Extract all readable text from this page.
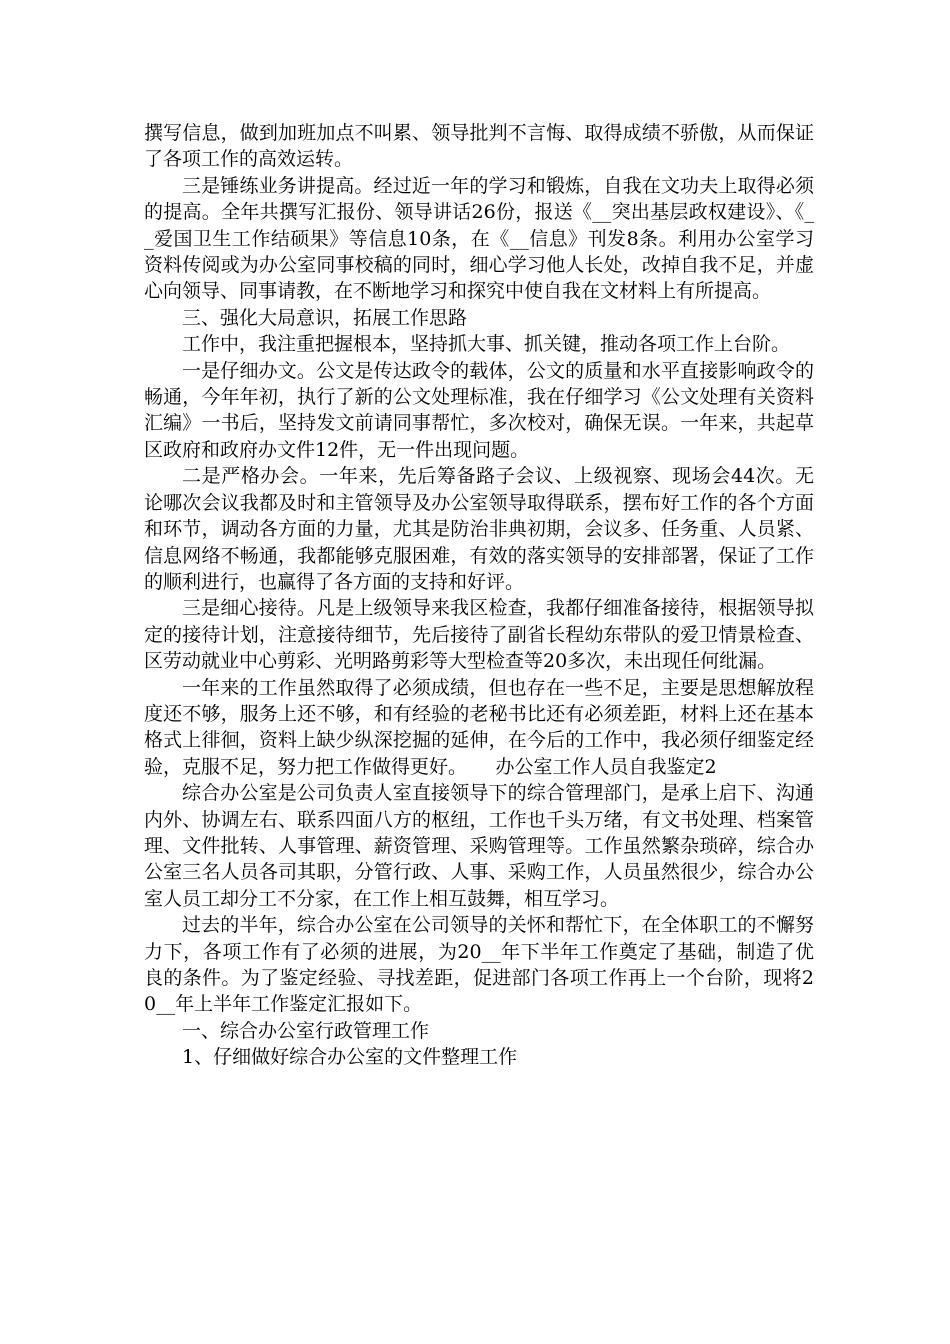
撰写信息，做到加班加点不叫累、领导批判不言悔、取得成绩不骄傲，从而保证了各项工作的高效运转。

三是锤练业务讲提高。经过近一年的学习和锻炼，自我在文功夫上取得必须的提高。全年共撰写汇报份、领导讲话26份，报送《__突出基层政权建设》、《__爱国卫生工作结硕果》等信息10条，在《__信息》刊发8条。利用办公室学习资料传阅或为办公室同事校稿的同时，细心学习他人长处，改掉自我不足，并虚心向领导、同事请教，在不断地学习和探究中使自我在文材料上有所提高。

三、强化大局意识，拓展工作思路

工作中，我注重把握根本，坚持抓大事、抓关键，推动各项工作上台阶。

一是仔细办文。公文是传达政令的载体，公文的质量和水平直接影响政令的畅通，今年年初，执行了新的公文处理标准，我在仔细学习《公文处理有关资料汇编》一书后，坚持发文前请同事帮忙，多次校对，确保无误。一年来，共起草区政府和政府办文件12件，无一件出现问题。

二是严格办会。一年来，先后筹备路子会议、上级视察、现场会44次。无论哪次会议我都及时和主管领导及办公室领导取得联系，摆布好工作的各个方面和环节，调动各方面的力量，尤其是防治非典初期，会议多、任务重、人员紧、信息网络不畅通，我都能够克服困难，有效的落实领导的安排部署，保证了工作的顺利进行，也赢得了各方面的支持和好评。

三是细心接待。凡是上级领导来我区检查，我都仔细准备接待，根据领导拟定的接待计划，注意接待细节，先后接待了副省长程幼东带队的爱卫情景检查、区劳动就业中心剪彩、光明路剪彩等大型检查等20多次，未出现任何纰漏。

一年来的工作虽然取得了必须成绩，但也存在一些不足，主要是思想解放程度还不够，服务上还不够，和有经验的老秘书比还有必须差距，材料上还在基本格式上徘徊，资料上缺少纵深挖掘的延伸，在今后的工作中，我必须仔细鉴定经验，克服不足，努力把工作做得更好。　　办公室工作人员自我鉴定2

综合办公室是公司负责人室直接领导下的综合管理部门，是承上启下、沟通内外、协调左右、联系四面八方的枢纽，工作也千头万绪，有文书处理、档案管理、文件批转、人事管理、薪资管理、采购管理等。工作虽然繁杂琐碎，综合办公室三名人员各司其职，分管行政、人事、采购工作，人员虽然很少，综合办公室人员工却分工不分家，在工作上相互鼓舞，相互学习。

过去的半年，综合办公室在公司领导的关怀和帮忙下，在全体职工的不懈努力下，各项工作有了必须的进展，为20__年下半年工作奠定了基础，制造了优良的条件。为了鉴定经验、寻找差距，促进部门各项工作再上一个台阶，现将20__年上半年工作鉴定汇报如下。

一、综合办公室行政管理工作

1、仔细做好综合办公室的文件整理工作
